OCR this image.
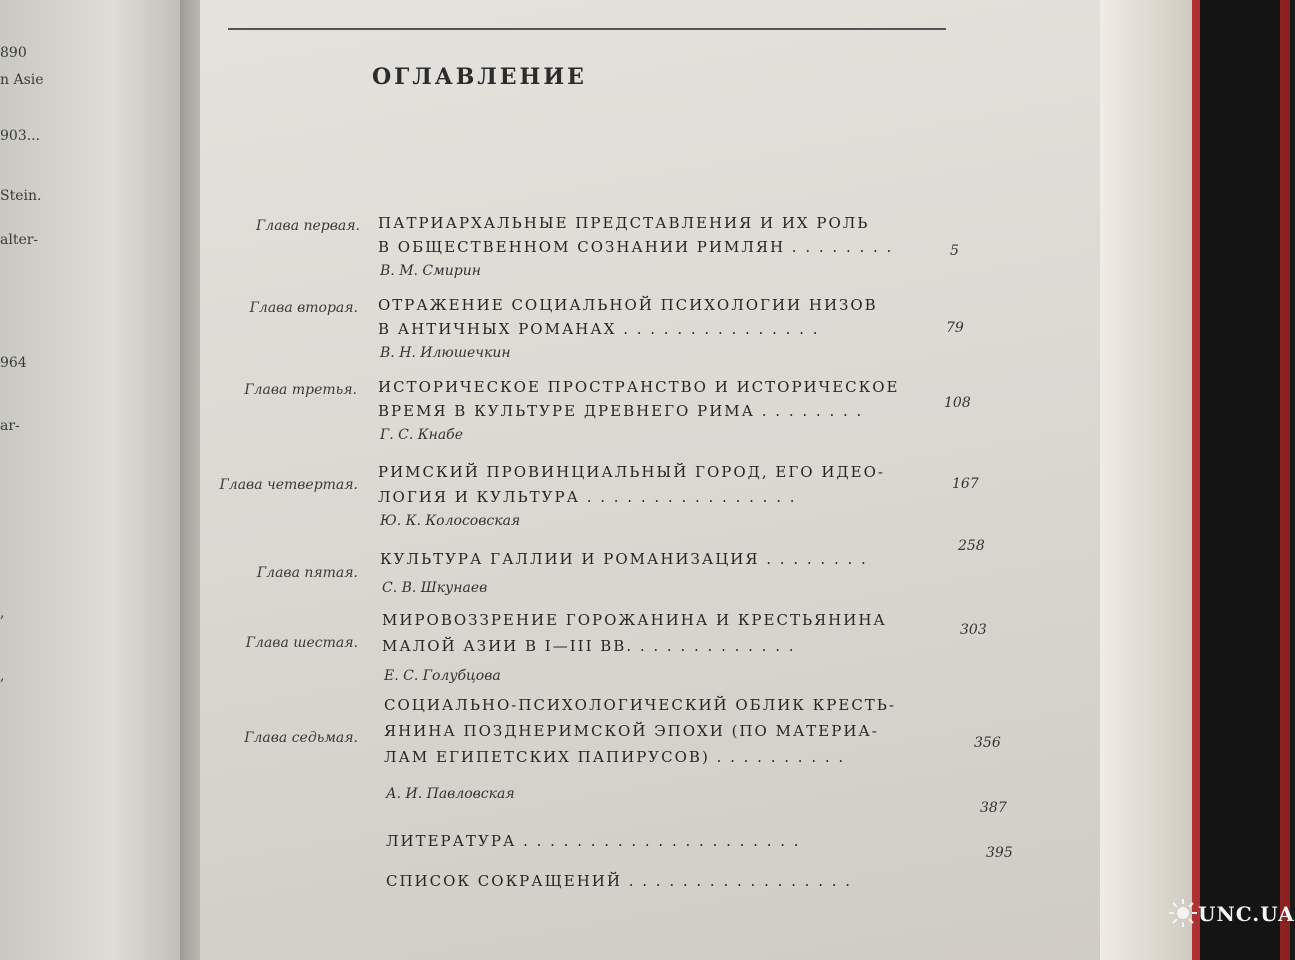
890
n Asie
903...
Stein.
alter-
964
ar-
,
,
ОГЛАВЛЕНИЕ
Глава первая. ПАТРИАРХАЛЬНЫЕ ПРЕДСТАВЛЕНИЯ И ИХ РОЛЬ
В ОБЩЕСТВЕННОМ СОЗНАНИИ РИМЛЯН . . . . . . . .
В. М. Смирин
5
Глава вторая. ОТРАЖЕНИЕ СОЦИАЛЬНОЙ ПСИХОЛОГИИ НИЗОВ
В АНТИЧНЫХ РОМАНАХ . . . . . . . . . . . . . . .
В. Н. Илюшечкин
79
Глава третья. ИСТОРИЧЕСКОЕ ПРОСТРАНСТВО И ИСТОРИЧЕСКОЕ
ВРЕМЯ В КУЛЬТУРЕ ДРЕВНЕГО РИМА . . . . . . . .
Г. С. Кнабе
108
Глава четвертая.
РИМСКИЙ ПРОВИНЦИАЛЬНЫЙ ГОРОД, ЕГО ИДЕО-
ЛОГИЯ И КУЛЬТУРА . . . . . . . . . . . . . . . .
Ю. К. Колосовская
167
Глава пятая.
КУЛЬТУРА ГАЛЛИИ И РОМАНИЗАЦИЯ . . . . . . . .
С. В. Шкунаев
258
Глава шестая.
МИРОВОЗЗРЕНИЕ ГОРОЖАНИНА И КРЕСТЬЯНИНА
МАЛОЙ АЗИИ В I—III ВВ. . . . . . . . . . . . .
Е. С. Голубцова
303
Глава седьмая.
СОЦИАЛЬНО-ПСИХОЛОГИЧЕСКИЙ ОБЛИК КРЕСТЬ-
ЯНИНА ПОЗДНЕРИМСКОЙ ЭПОХИ (ПО МАТЕРИА-
ЛАМ ЕГИПЕТСКИХ ПАПИРУСОВ) . . . . . . . . . .
А. И. Павловская
356
ЛИТЕРАТУРА . . . . . . . . . . . . . . . . . . . . .
387
СПИСОК СОКРАЩЕНИЙ . . . . . . . . . . . . . . . . .
395
UNC.UA
